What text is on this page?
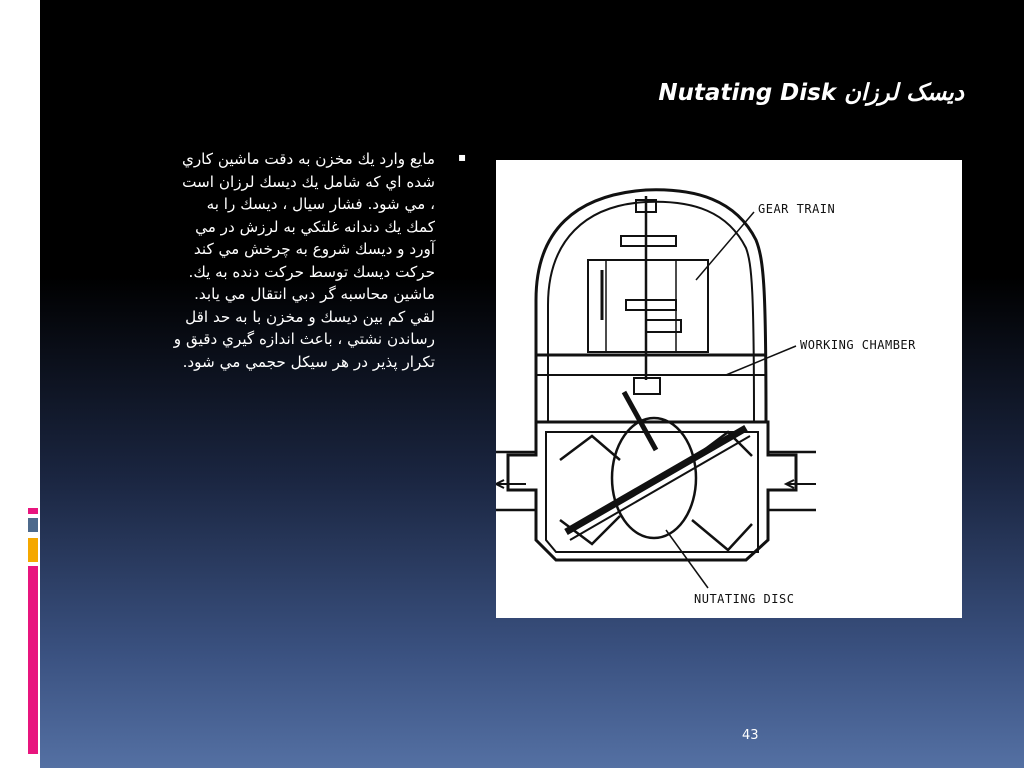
Nutating Disk ديسک لرزان
▪
مايع وارد يك مخزن به دقت ماشين كاري
شده اي كه شامل يك ديسك لرزان است
، مي شود. فشار سيال ، ديسك را به
كمك يك دندانه غلتكي به لرزش در مي
آورد و ديسك شروع به چرخش مي كند
حركت ديسك توسط حركت دنده به يك.
ماشين محاسبه گر دبي انتقال مي يابد.
لقي كم بين ديسك و مخزن با به حد اقل
رساندن نشتي ، باعث اندازه گيري دقيق و
تكرار پذير در هر سيكل حجمي مي شود.
GEAR TRAIN
WORKING CHAMBER
NUTATING DISC
43
